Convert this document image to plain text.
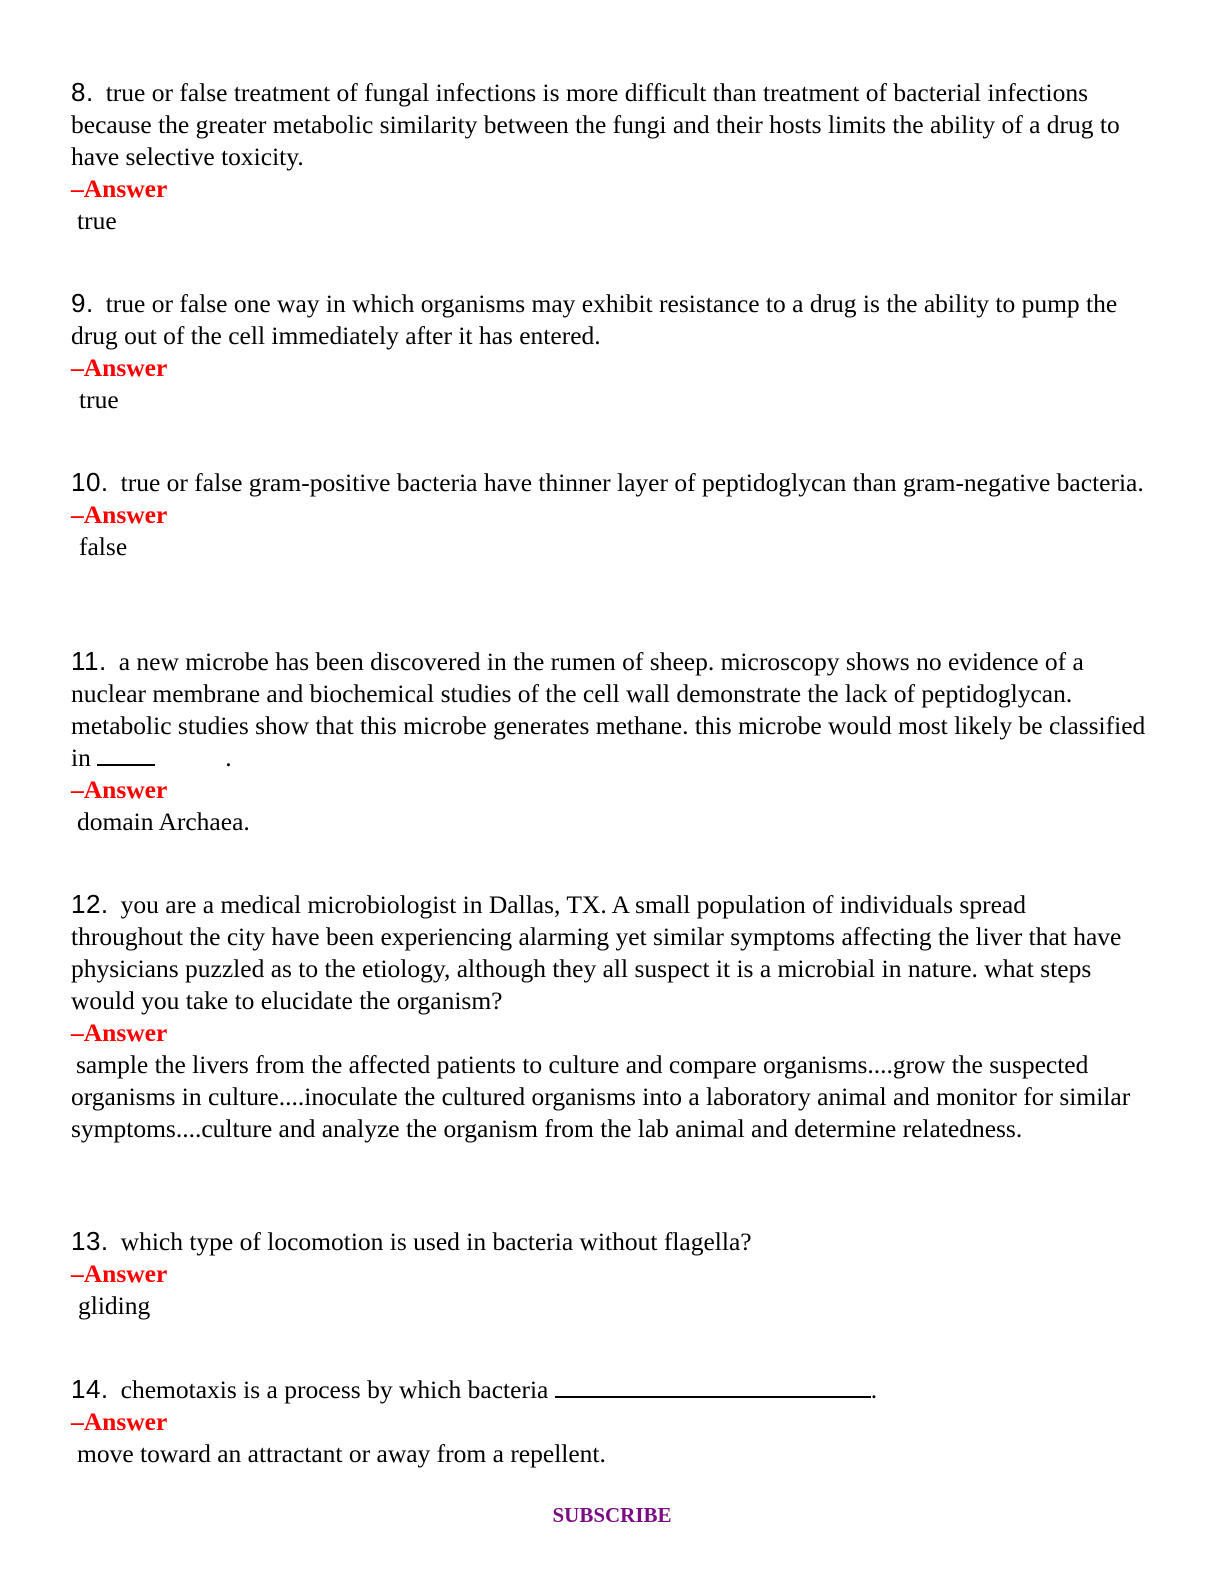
8. true or false treatment of fungal infections is more difficult than treatment of bacterial infections because the greater metabolic similarity between the fungi and their hosts limits the ability of a drug to have selective toxicity.

–Answer

true

9. true or false one way in which organisms may exhibit resistance to a drug is the ability to pump the drug out of the cell immediately after it has entered.

–Answer

true

10. true or false gram-positive bacteria have thinner layer of peptidoglycan than gram-negative bacteria.

–Answer

false

11. a new microbe has been discovered in the rumen of sheep. microscopy shows no evidence of a nuclear membrane and biochemical studies of the cell wall demonstrate the lack of peptidoglycan. metabolic studies show that this microbe generates methane. this microbe would most likely be classified in	.

–Answer

domain Archaea.

12. you are a medical microbiologist in Dallas, TX. A small population of individuals spread throughout the city have been experiencing alarming yet similar symptoms affecting the liver that have physicians puzzled as to the etiology, although they all suspect it is a microbial in nature. what steps would you take to elucidate the organism?

–Answer

sample the livers from the affected patients to culture and compare organisms....grow the suspected organisms in culture....inoculate the cultured organisms into a laboratory animal and monitor for similar symptoms....culture and analyze the organism from the lab animal and determine relatedness.

13. which type of locomotion is used in bacteria without flagella?

–Answer

gliding

14. chemotaxis is a process by which bacteria	.

–Answer

move toward an attractant or away from a repellent.

SUBSCRIBE
